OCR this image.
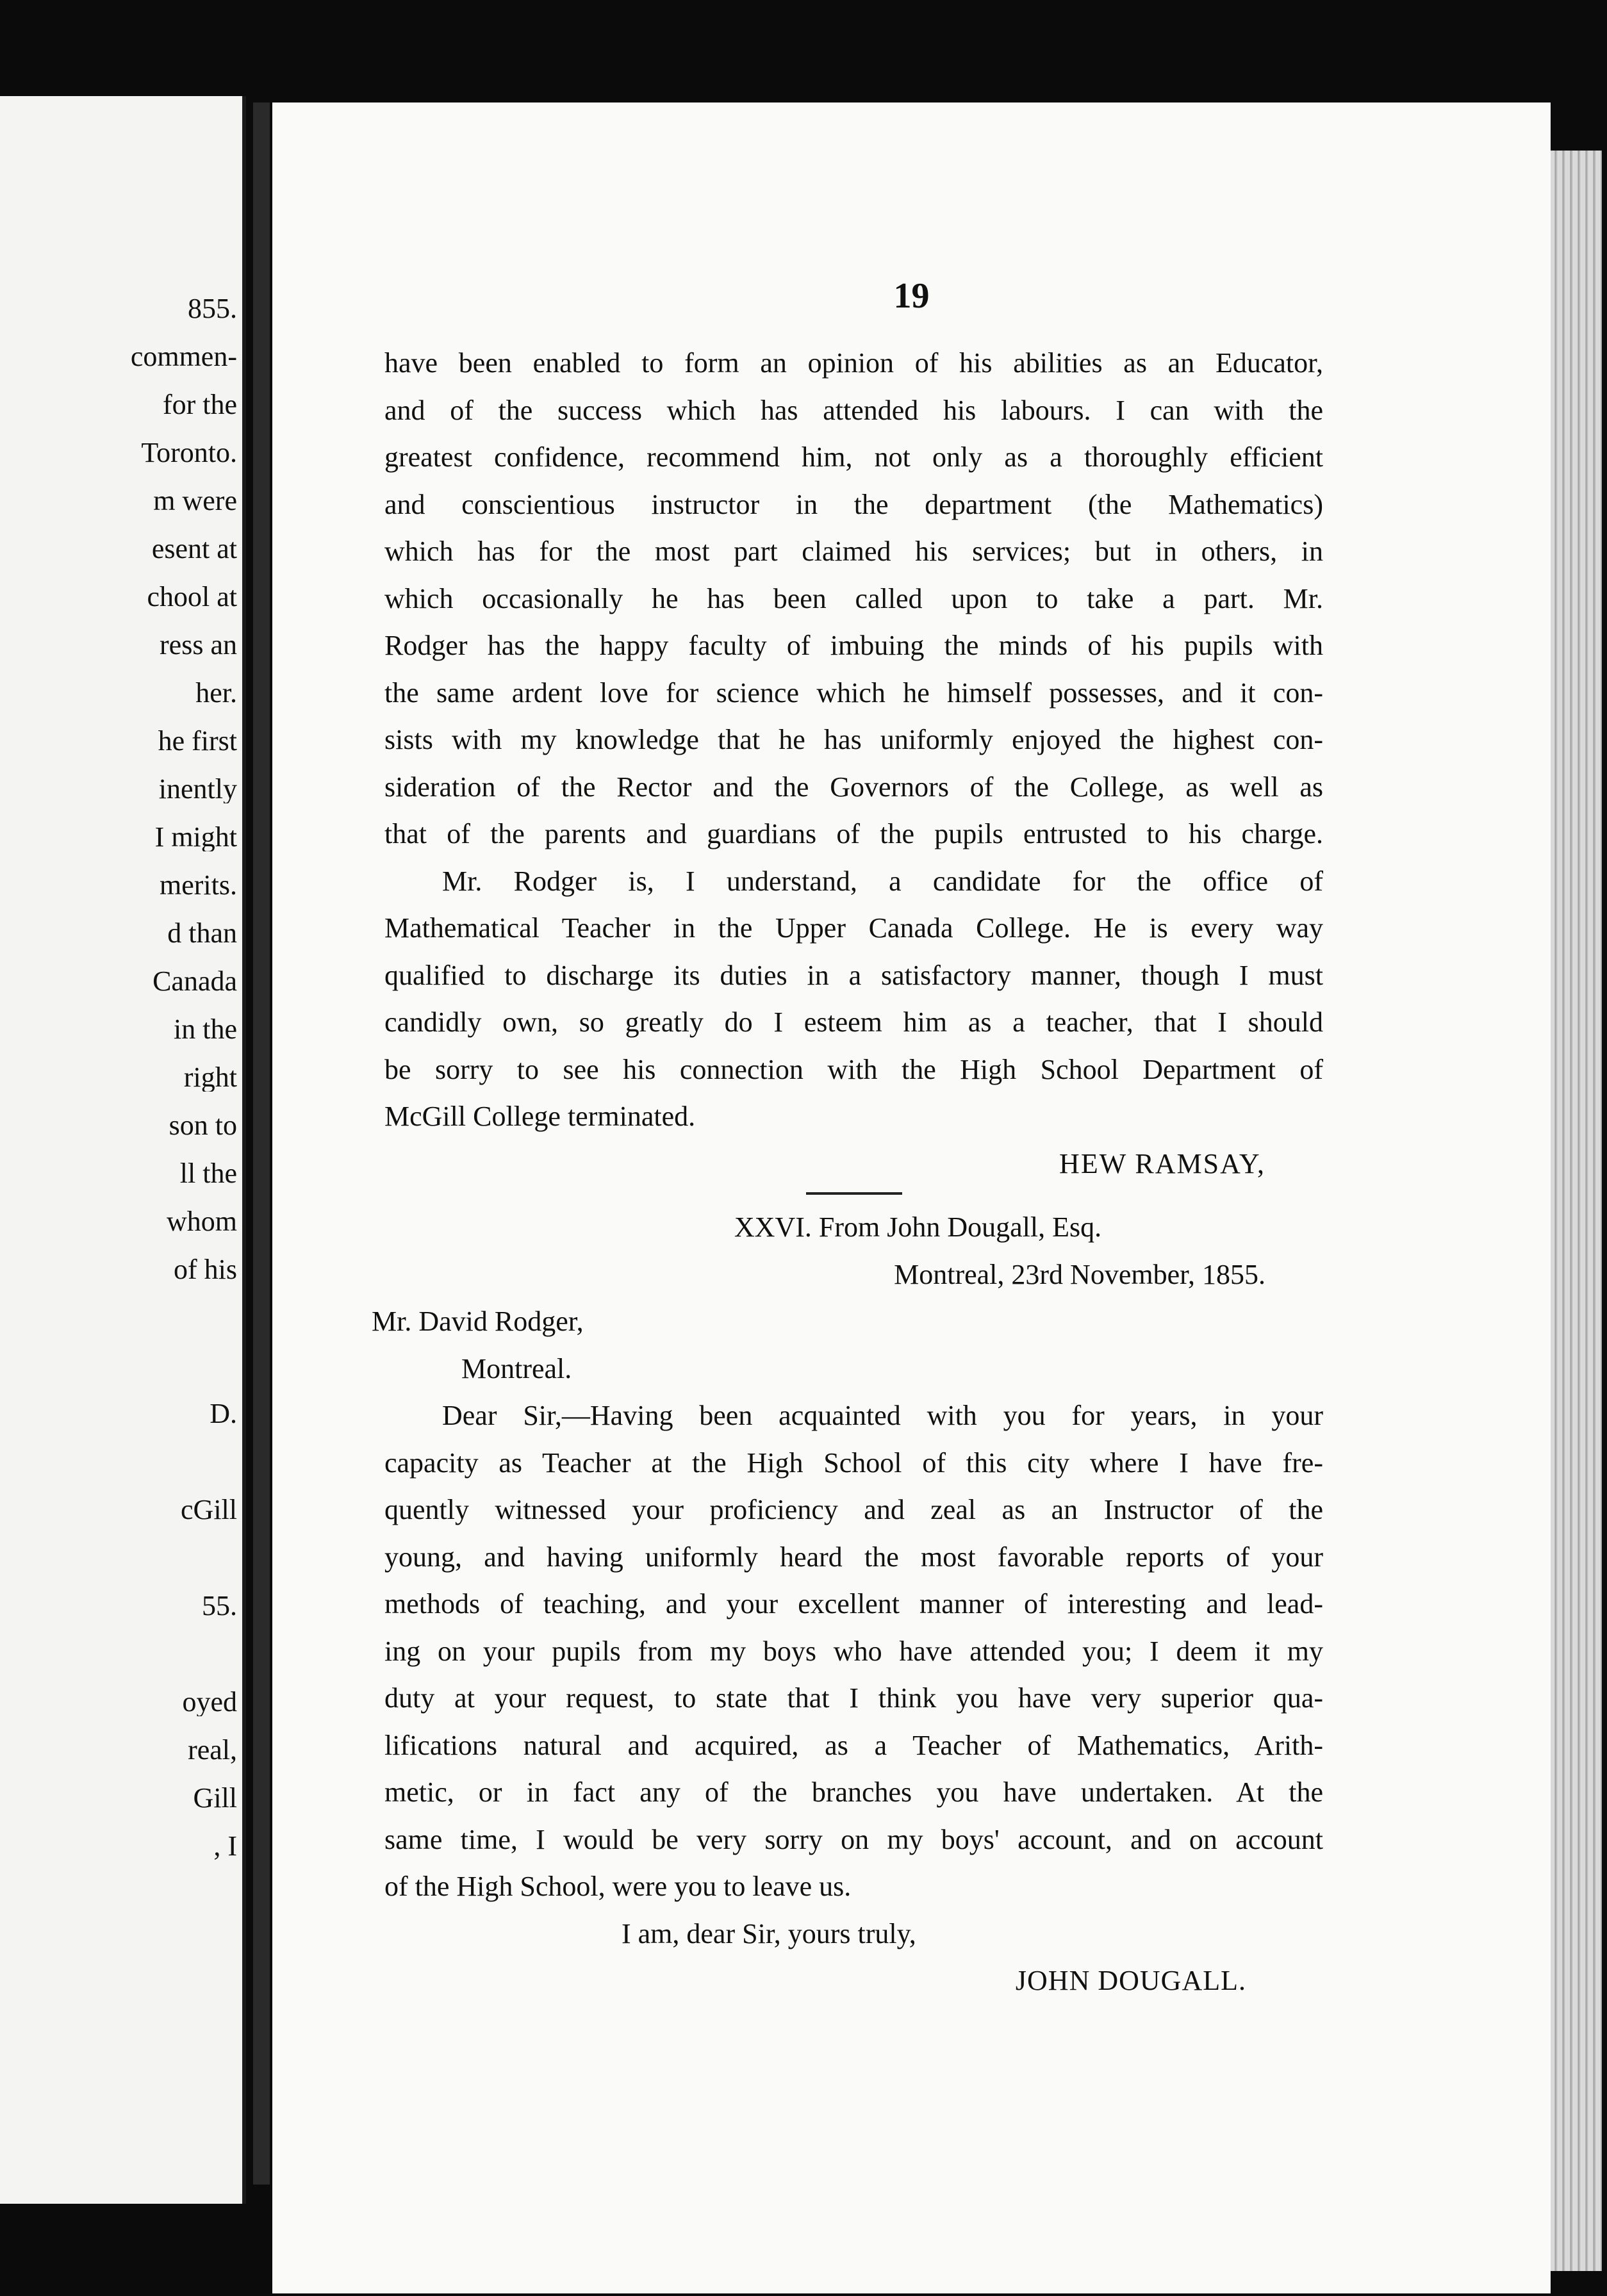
855.
commen-
for the
Toronto.
m were
esent at
chool at
ress an
her.
he first
inently
I might
merits.
d than
Canada
in the
right
son to
ll the
whom
of his
D.
cGill
55.
oyed
real,
Gill
, I
19

have been enabled to form an opinion of his abilities as an Educator,

and of the success which has attended his labours. I can with the

greatest confidence, recommend him, not only as a thoroughly efficient

and conscientious instructor in the department (the Mathematics)

which has for the most part claimed his services; but in others, in

which occasionally he has been called upon to take a part. Mr.

Rodger has the happy faculty of imbuing the minds of his pupils with

the same ardent love for science which he himself possesses, and it con-

sists with my knowledge that he has uniformly enjoyed the highest con-

sideration of the Rector and the Governors of the College, as well as

that of the parents and guardians of the pupils entrusted to his charge.

Mr. Rodger is, I understand, a candidate for the office of

Mathematical Teacher in the Upper Canada College. He is every way

qualified to discharge its duties in a satisfactory manner, though I must

candidly own, so greatly do I esteem him as a teacher, that I should

be sorry to see his connection with the High School Department of

McGill College terminated.

HEW RAMSAY,

XXVI. From John Dougall, Esq.

Montreal, 23rd November, 1855.

Mr. David Rodger,

Montreal.

Dear Sir,—Having been acquainted with you for years, in your

capacity as Teacher at the High School of this city where I have fre-

quently witnessed your proficiency and zeal as an Instructor of the

young, and having uniformly heard the most favorable reports of your

methods of teaching, and your excellent manner of interesting and lead-

ing on your pupils from my boys who have attended you; I deem it my

duty at your request, to state that I think you have very superior qua-

lifications natural and acquired, as a Teacher of Mathematics, Arith-

metic, or in fact any of the branches you have undertaken. At the

same time, I would be very sorry on my boys' account, and on account

of the High School, were you to leave us.

I am, dear Sir, yours truly,

JOHN DOUGALL.
